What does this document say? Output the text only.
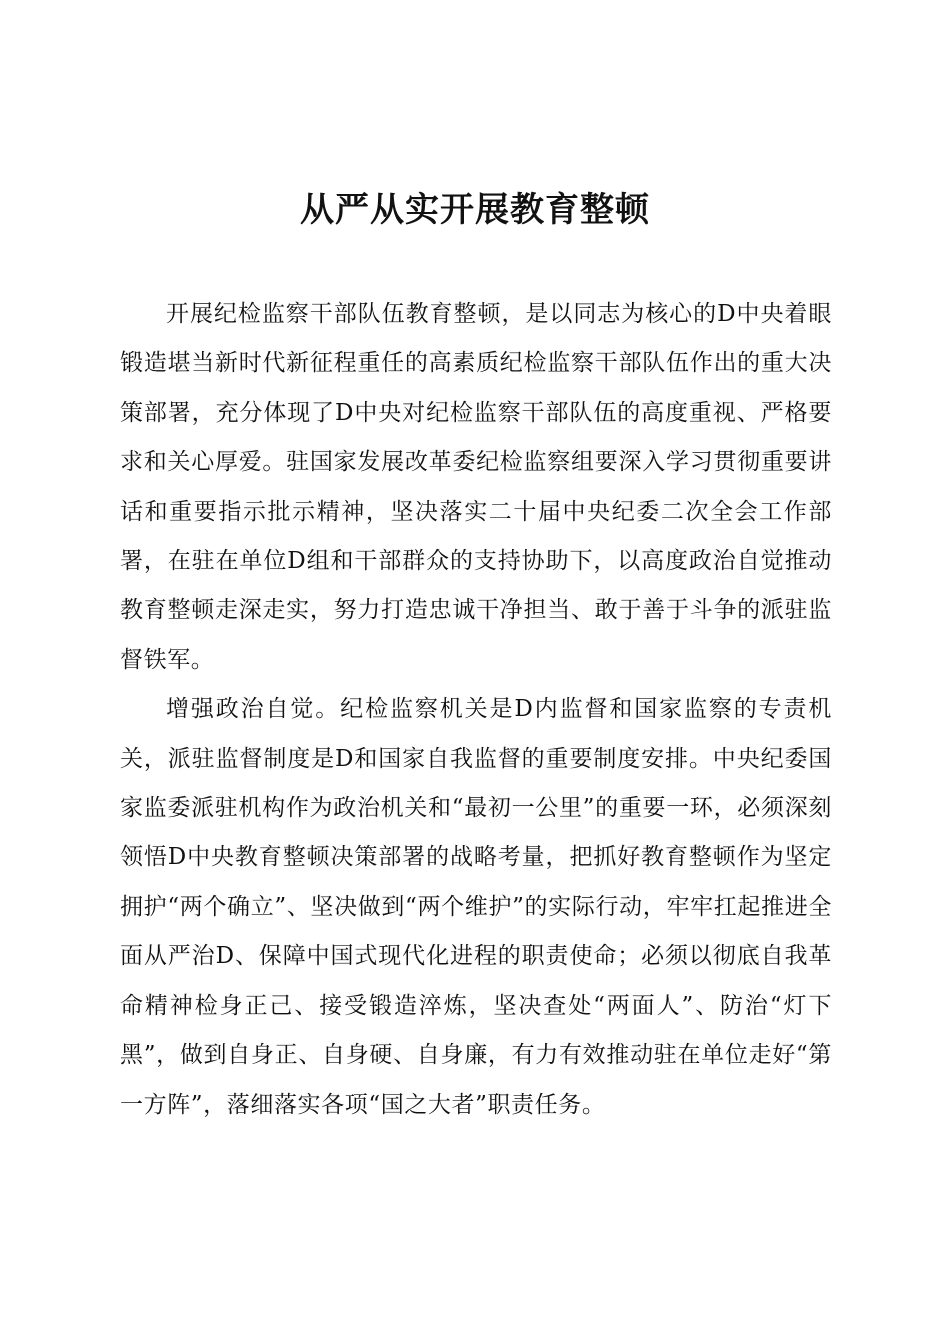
从严从实开展教育整顿

开展纪检监察干部队伍教育整顿，是以同志为核心的D中央着眼锻造堪当新时代新征程重任的高素质纪检监察干部队伍作出的重大决策部署，充分体现了D中央对纪检监察干部队伍的高度重视、严格要求和关心厚爱。驻国家发展改革委纪检监察组要深入学习贯彻重要讲话和重要指示批示精神，坚决落实二十届中央纪委二次全会工作部署，在驻在单位D组和干部群众的支持协助下，以高度政治自觉推动教育整顿走深走实，努力打造忠诚干净担当、敢于善于斗争的派驻监督铁军。

增强政治自觉。纪检监察机关是D内监督和国家监察的专责机关，派驻监督制度是D和国家自我监督的重要制度安排。中央纪委国家监委派驻机构作为政治机关和“最初一公里”的重要一环，必须深刻领悟D中央教育整顿决策部署的战略考量，把抓好教育整顿作为坚定拥护“两个确立”、坚决做到“两个维护”的实际行动，牢牢扛起推进全面从严治D、保障中国式现代化进程的职责使命；必须以彻底自我革命精神检身正己、接受锻造淬炼，坚决查处“两面人”、防治“灯下黑”，做到自身正、自身硬、自身廉，有力有效推动驻在单位走好“第一方阵”，落细落实各项“国之大者”职责任务。
